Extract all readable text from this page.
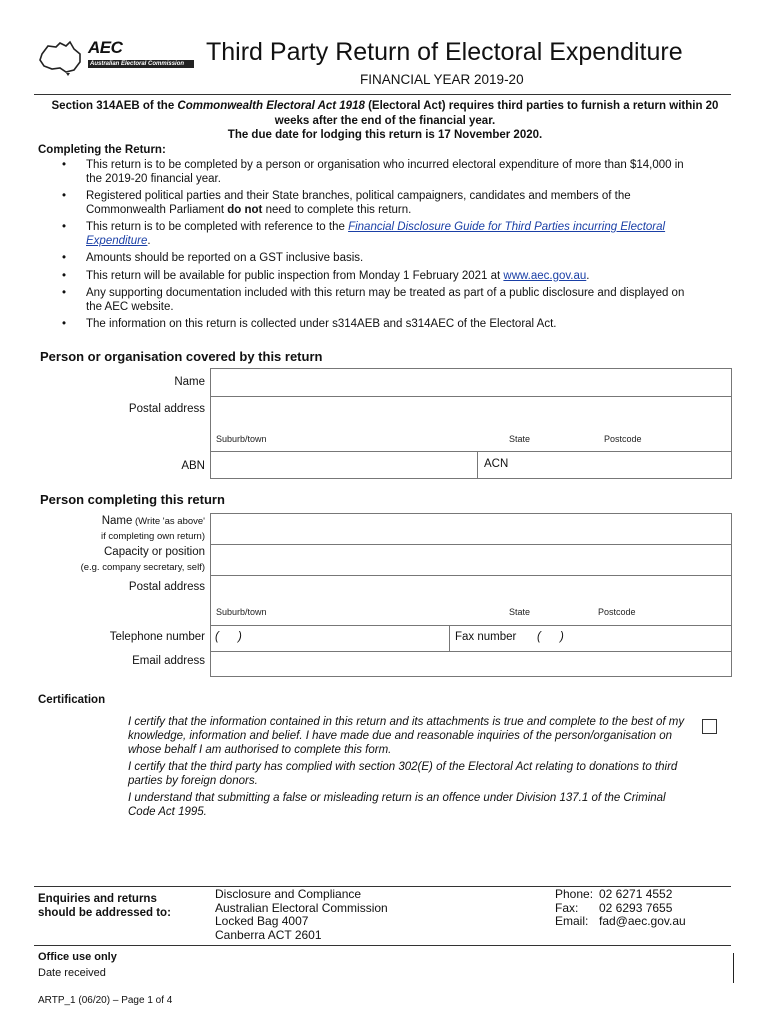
AEC
Australian Electoral Commission Third Party Return of Electoral Expenditure
FINANCIAL YEAR 2019-20
Section 314AEB of the Commonwealth Electoral Act 1918 (Electoral Act) requires third parties to furnish a return within 20 weeks after the end of the financial year.
The due date for lodging this return is 17 November 2020.
Completing the Return:
• This return is to be completed by a person or organisation who incurred electoral expenditure of more than $14,000 in the 2019-20 financial year.
• Registered political parties and their State branches, political campaigners, candidates and members of the Commonwealth Parliament do not need to complete this return.
• This return is to be completed with reference to the Financial Disclosure Guide for Third Parties incurring Electoral Expenditure.
• Amounts should be reported on a GST inclusive basis.
• This return will be available for public inspection from Monday 1 February 2021 at www.aec.gov.au.
• Any supporting documentation included with this return may be treated as part of a public disclosure and displayed on the AEC website.
• The information on this return is collected under s314AEB and s314AEC of the Electoral Act.
Person or organisation covered by this return
Name
Postal address
Suburb/town	State	Postcode
ABN	ACN
Person completing this return
Name (Write 'as above'
if completing own return)
Capacity or position
(e.g. company secretary, self)
Postal address
Suburb/town	State	Postcode
Telephone number (      )	Fax number (      )
Email address
Certification

I certify that the information contained in this return and its attachments is true and complete to the best of my knowledge, information and belief. I have made due and reasonable inquiries of the person/organisation on whose behalf I am authorised to complete this form.

I certify that the third party has complied with section 302(E) of the Electoral Act relating to donations to third parties by foreign donors.

I understand that submitting a false or misleading return is an offence under Division 137.1 of the Criminal Code Act 1995.

Enquiries and returns
should be addressed to:
Disclosure and Compliance
Australian Electoral Commission
Locked Bag 4007
Canberra ACT 2601
Phone: 02 6271 4552
Fax: 02 6293 7655
Email: fad@aec.gov.au
Office use only
Date received
ARTP_1 (06/20) – Page 1 of 4
